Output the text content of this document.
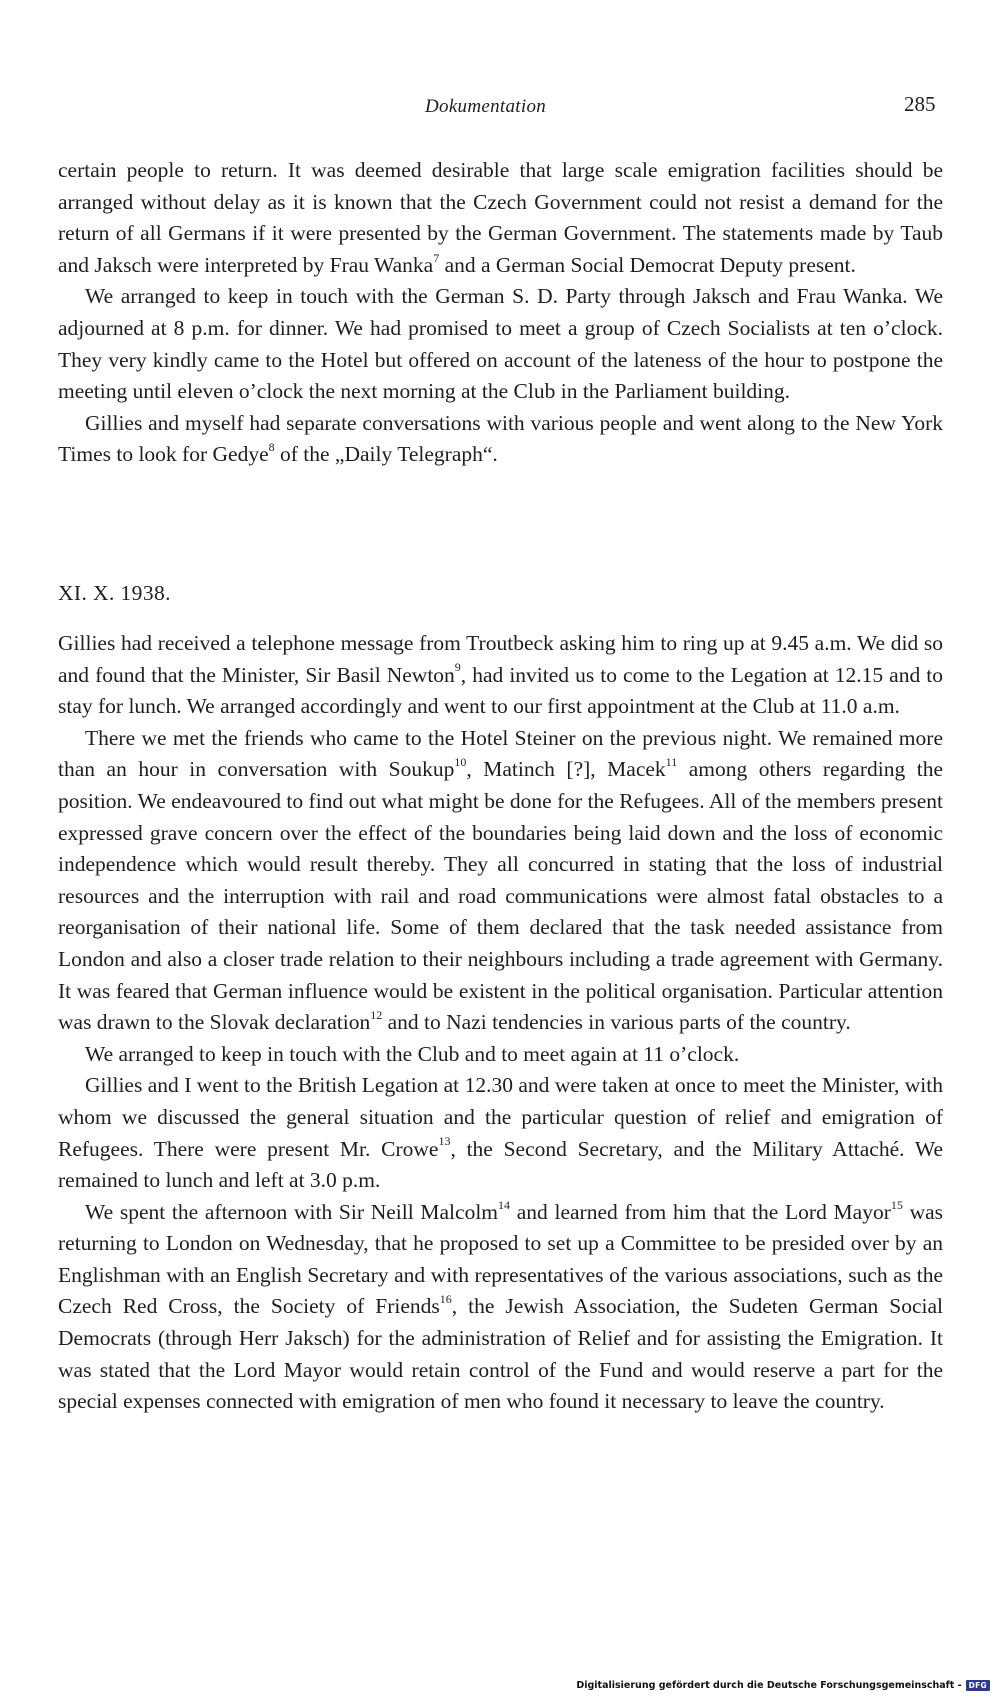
Dokumentation	285

certain people to return. It was deemed desirable that large scale emigration facilities should be arranged without delay as it is known that the Czech Government could not resist a demand for the return of all Germans if it were presented by the German Government. The statements made by Taub and Jaksch were interpreted by Frau Wanka$^7$ and a German Social Democrat Deputy present.

We arranged to keep in touch with the German S. D. Party through Jaksch and Frau Wanka. We adjourned at 8 p.m. for dinner. We had promised to meet a group of Czech Socialists at ten o’clock. They very kindly came to the Hotel but offered on account of the lateness of the hour to postpone the meeting until eleven o’clock the next morning at the Club in the Parliament building.

Gillies and myself had separate conversations with various people and went along to the New York Times to look for Gedye$^8$ of the „Daily Telegraph“.

XI. X. 1938.

Gillies had received a telephone message from Troutbeck asking him to ring up at 9.45 a.m. We did so and found that the Minister, Sir Basil Newton$^9$, had invited us to come to the Legation at 12.15 and to stay for lunch. We arranged accordingly and went to our first appointment at the Club at 11.0 a.m.

There we met the friends who came to the Hotel Steiner on the previous night. We remained more than an hour in conversation with Soukup$^{10}$, Matinch [?], Macek$^{11}$ among others regarding the position. We endeavoured to find out what might be done for the Refugees. All of the members present expressed grave concern over the effect of the boundaries being laid down and the loss of economic independence which would result thereby. They all concurred in stating that the loss of industrial resources and the interruption with rail and road communications were almost fatal obstacles to a reorganisation of their national life. Some of them declared that the task needed assistance from London and also a closer trade relation to their neighbours including a trade agreement with Germany. It was feared that German influence would be existent in the political organisation. Particular attention was drawn to the Slovak declaration$^{12}$ and to Nazi tendencies in various parts of the country.

We arranged to keep in touch with the Club and to meet again at 11 o’clock.

Gillies and I went to the British Legation at 12.30 and were taken at once to meet the Minister, with whom we discussed the general situation and the particular question of relief and emigration of Refugees. There were present Mr. Crowe$^{13}$, the Second Secretary, and the Military Attaché. We remained to lunch and left at 3.0 p.m.

We spent the afternoon with Sir Neill Malcolm$^{14}$ and learned from him that the Lord Mayor$^{15}$ was returning to London on Wednesday, that he proposed to set up a Committee to be presided over by an Englishman with an English Secretary and with representatives of the various associations, such as the Czech Red Cross, the Society of Friends$^{16}$, the Jewish Association, the Sudeten German Social Democrats (through Herr Jaksch) for the administration of Relief and for assisting the Emigration. It was stated that the Lord Mayor would retain control of the Fund and would reserve a part for the special expenses connected with emigration of men who found it necessary to leave the country.

Digitalisierung gefördert durch die Deutsche Forschungsgemeinschaft - DFG
